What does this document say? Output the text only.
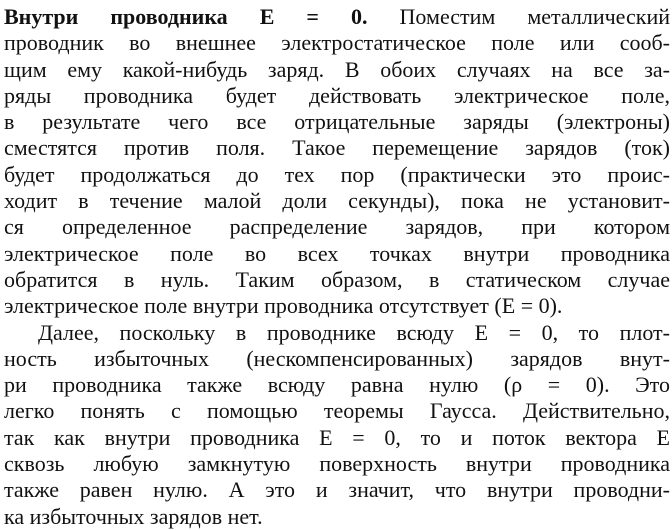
Внутри проводника E = 0. Поместим металлический
проводник во внешнее электростатическое поле или сооб-
щим ему какой-нибудь заряд. В обоих случаях на все за-
ряды проводника будет действовать электрическое поле,
в результате чего все отрицательные заряды (электроны)
сместятся против поля. Такое перемещение зарядов (ток)
будет продолжаться до тех пор (практически это проис-
ходит в течение малой доли секунды), пока не установит-
ся определенное распределение зарядов, при котором
электрическое поле во всех точках внутри проводника
обратится в нуль. Таким образом, в статическом случае
электрическое поле внутри проводника отсутствует (E = 0).
Далее, поскольку в проводнике всюду E = 0, то плот-
ность избыточных (нескомпенсированных) зарядов внут-
ри проводника также всюду равна нулю (ρ = 0). Это
легко понять с помощью теоремы Гаусса. Действительно,
так как внутри проводника E = 0, то и поток вектора E
сквозь любую замкнутую поверхность внутри проводника
также равен нулю. А это и значит, что внутри проводни-
ка избыточных зарядов нет.
